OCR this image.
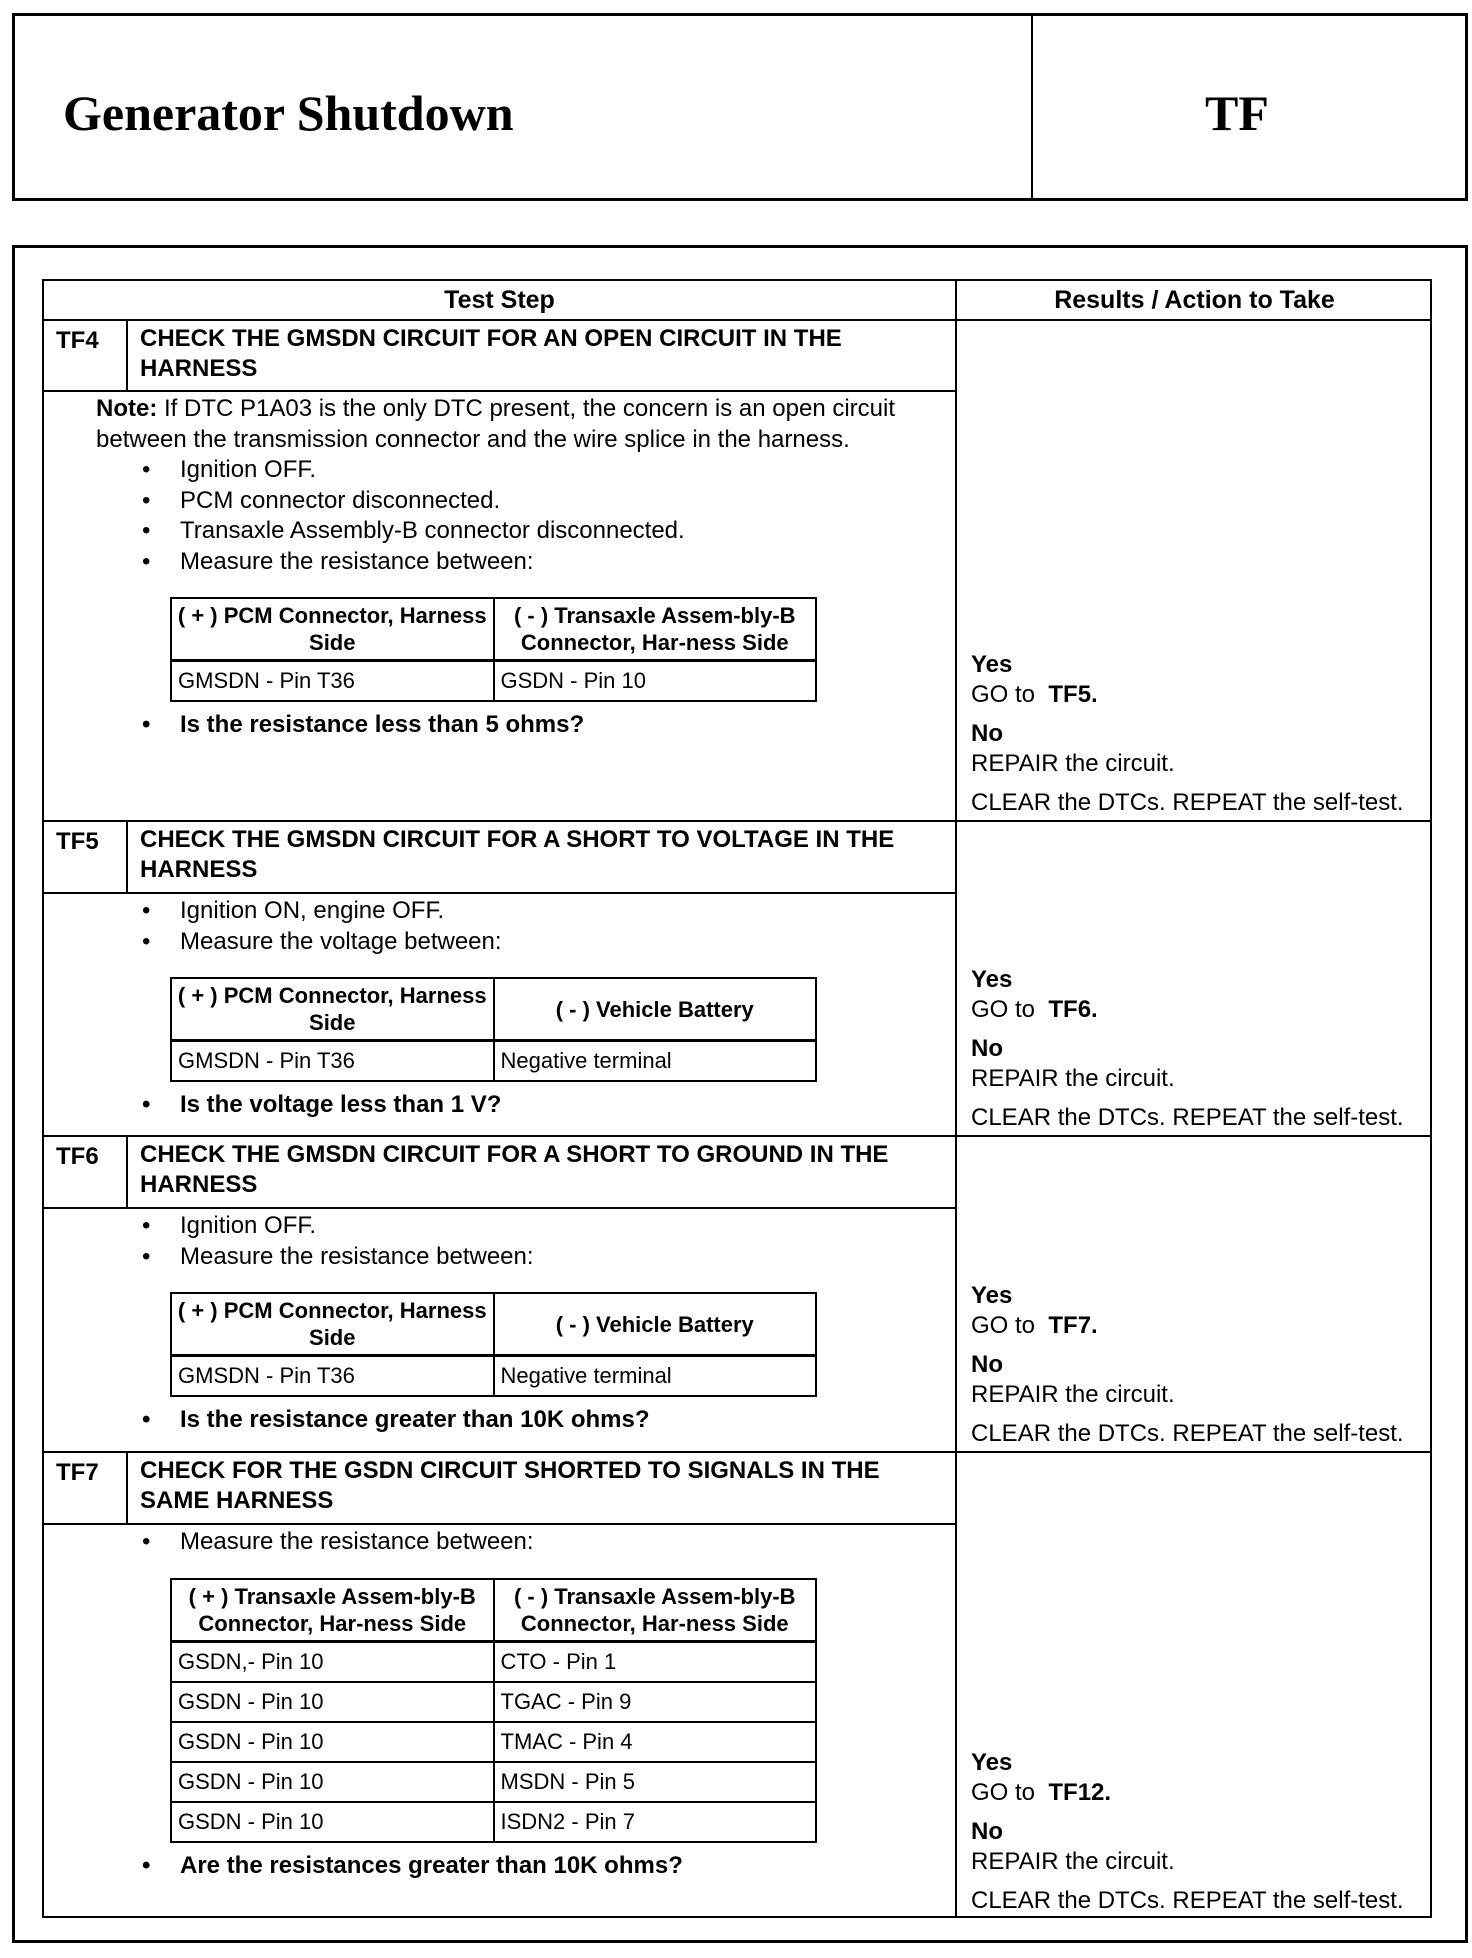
Generator Shutdown	TF
Test Step	Results / Action to Take
TF4	CHECK THE GMSDN CIRCUIT FOR AN OPEN CIRCUIT IN THE HARNESS
Note: If DTC P1A03 is the only DTC present, the concern is an open circuit between the transmission connector and the wire splice in the harness.
•	Ignition OFF.
•	PCM connector disconnected.
•	Transaxle Assembly-B connector disconnected.
•	Measure the resistance between:
( + ) PCM Connector, Harness Side	( - ) Transaxle Assem-bly-B Connector, Har-ness Side
GMSDN - Pin T36	GSDN - Pin 10
•	Is the resistance less than 5 ohms?
Yes
GO to TF5.
No
REPAIR the circuit.
CLEAR the DTCs. REPEAT the self-test.
TF5	CHECK THE GMSDN CIRCUIT FOR A SHORT TO VOLTAGE IN THE HARNESS
•	Ignition ON, engine OFF.
•	Measure the voltage between:
( + ) PCM Connector, Harness Side	( - ) Vehicle Battery
GMSDN - Pin T36	Negative terminal
•	Is the voltage less than 1 V?
Yes
GO to TF6.
No
REPAIR the circuit.
CLEAR the DTCs. REPEAT the self-test.
TF6	CHECK THE GMSDN CIRCUIT FOR A SHORT TO GROUND IN THE HARNESS
•	Ignition OFF.
•	Measure the resistance between:
( + ) PCM Connector, Harness Side	( - ) Vehicle Battery
GMSDN - Pin T36	Negative terminal
•	Is the resistance greater than 10K ohms?
Yes
GO to TF7.
No
REPAIR the circuit.
CLEAR the DTCs. REPEAT the self-test.
TF7	CHECK FOR THE GSDN CIRCUIT SHORTED TO SIGNALS IN THE SAME HARNESS
•	Measure the resistance between:
( + ) Transaxle Assem-bly-B Connector, Har-ness Side	( - ) Transaxle Assem-bly-B Connector, Har-ness Side
GSDN,- Pin 10	CTO - Pin 1
GSDN - Pin 10	TGAC - Pin 9
GSDN - Pin 10	TMAC - Pin 4
GSDN - Pin 10	MSDN - Pin 5
GSDN - Pin 10	ISDN2 - Pin 7
•	Are the resistances greater than 10K ohms?
Yes
GO to TF12.
No
REPAIR the circuit.
CLEAR the DTCs. REPEAT the self-test.
